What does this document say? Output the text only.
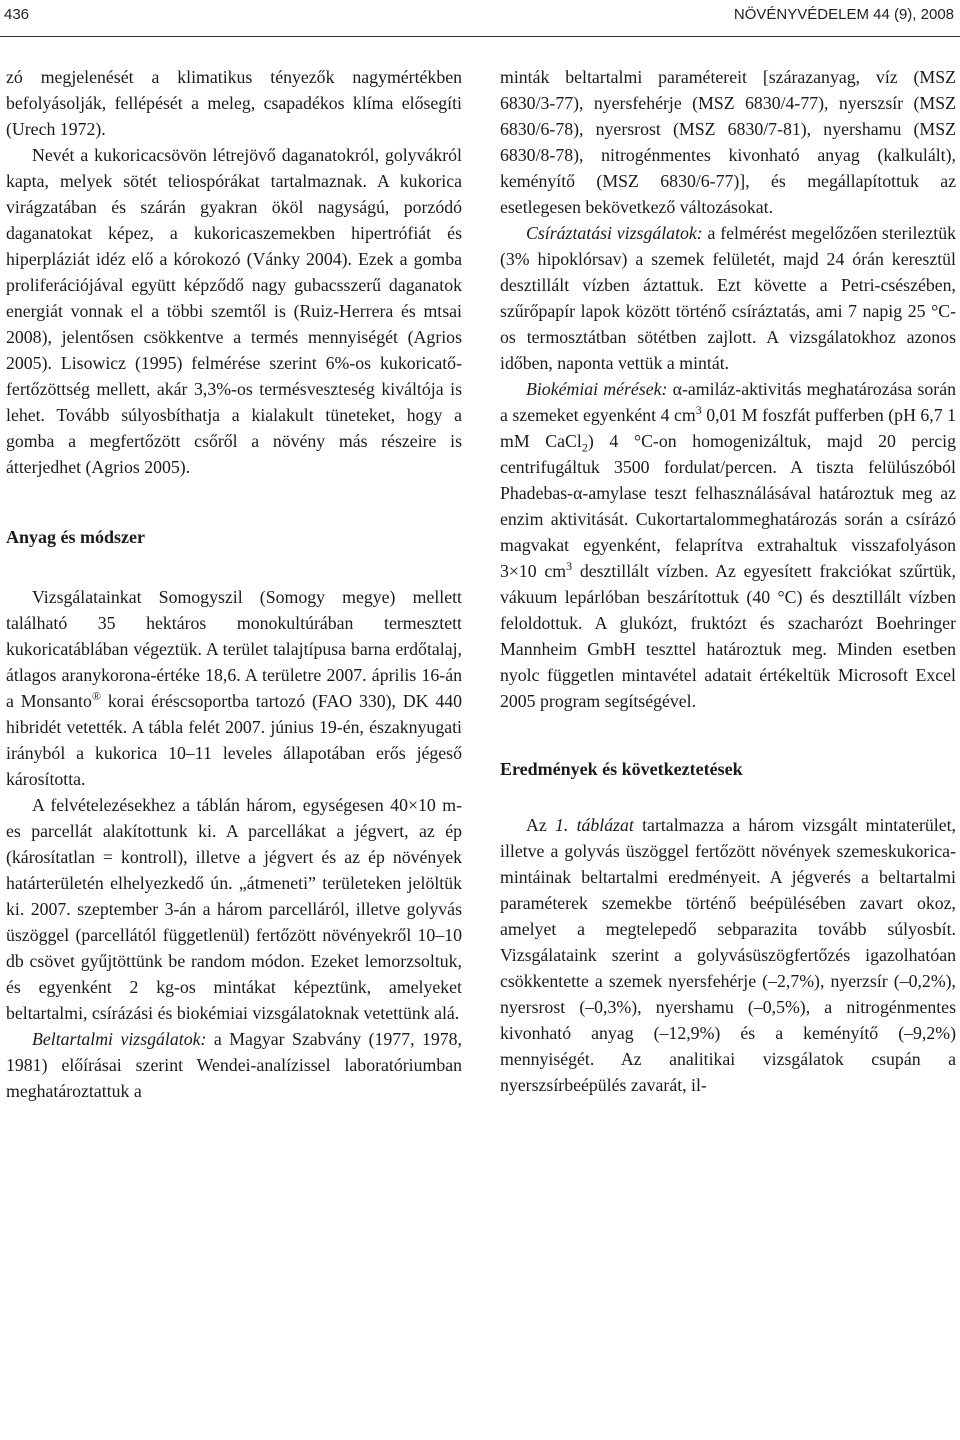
436	NÖVÉNYVÉDELEM 44 (9), 2008

zó megjelenését a klimatikus tényezők nagymértékben befolyásolják, fellépését a meleg, csapadékos klíma elősegíti (Urech 1972).

Nevét a kukoricacsövön létrejövő daganatokról, golyvákról kapta, melyek sötét teliospórákat tartalmaznak. A kukorica virágzatában és szárán gyakran ököl nagyságú, porzódó daganatokat képez, a kukoricaszemekben hipertrófiát és hiperpláziát idéz elő a kórokozó (Vánky 2004). Ezek a gomba proliferációjával együtt képződő nagy gubacsszerű daganatok energiát vonnak el a többi szemtől is (Ruiz-Herrera és mtsai 2008), jelentősen csökkentve a termés mennyiségét (Agrios 2005). Lisowicz (1995) felmérése szerint 6%-os kukoricatő-fertőzöttség mellett, akár 3,3%-os termésveszteség kiváltója is lehet. Tovább súlyosbíthatja a kialakult tüneteket, hogy a gomba a megfertőzött csőről a növény más részeire is átterjedhet (Agrios 2005).

Anyag és módszer

Vizsgálatainkat Somogyszil (Somogy megye) mellett található 35 hektáros monokultúrában termesztett kukoricatáblában végeztük. A terület talajtípusa barna erdőtalaj, átlagos aranykorona-értéke 18,6. A területre 2007. április 16-án a Monsanto® korai éréscsoportba tartozó (FAO 330), DK 440 hibridét vetették. A tábla felét 2007. június 19-én, északnyugati irányból a kukorica 10–11 leveles állapotában erős jégeső károsította.

A felvételezésekhez a táblán három, egységesen 40×10 m-es parcellát alakítottunk ki. A parcellákat a jégvert, az ép (károsítatlan = kontroll), illetve a jégvert és az ép növények határterületén elhelyezkedő ún. „átmeneti” területeken jelöltük ki. 2007. szeptember 3-án a három parcelláról, illetve golyvás üszöggel (parcellától függetlenül) fertőzött növényekről 10–10 db csövet gyűjtöttünk be random módon. Ezeket lemorzsoltuk, és egyenként 2 kg-os mintákat képeztünk, amelyeket beltartalmi, csírázási és biokémiai vizsgálatoknak vetettünk alá.

Beltartalmi vizsgálatok: a Magyar Szabvány (1977, 1978, 1981) előírásai szerint Wendei-analízissel laboratóriumban meghatároztattuk a

minták beltartalmi paramétereit [szárazanyag, víz (MSZ 6830/3-77), nyersfehérje (MSZ 6830/4-77), nyerszsír (MSZ 6830/6-78), nyersrost (MSZ 6830/7-81), nyershamu (MSZ 6830/8-78), nitrogénmentes kivonható anyag (kalkulált), keményítő (MSZ 6830/6-77)], és megállapítottuk az esetlegesen bekövetkező változásokat.

Csíráztatási vizsgálatok: a felmérést megelőzően sterileztük (3% hipoklórsav) a szemek felületét, majd 24 órán keresztül desztillált vízben áztattuk. Ezt követte a Petri-csészében, szűrőpapír lapok között történő csíráztatás, ami 7 napig 25 °C-os termosztátban sötétben zajlott. A vizsgálatokhoz azonos időben, naponta vettük a mintát.

Biokémiai mérések: α-amiláz-aktivitás meghatározása során a szemeket egyenként 4 $cm^3$ 0,01 M foszfát pufferben (pH 6,7 1 mM CaCl$_2$) 4 °C-on homogenizáltuk, majd 20 percig centrifugáltuk 3500 fordulat/percen. A tiszta felülúszóból Phadebas-α-amylase teszt felhasználásával határoztuk meg az enzim aktivitását. Cukortartalommeghatározás során a csírázó magvakat egyenként, felaprítva extrahaltuk visszafolyáson 3×10 $cm^3$ desztillált vízben. Az egyesített frakciókat szűrtük, vákuum lepárlóban beszárítottuk (40 °C) és desztillált vízben feloldottuk. A glukózt, fruktózt és szacharózt Boehringer Mannheim GmbH teszttel határoztuk meg. Minden esetben nyolc független mintavétel adatait értékeltük Microsoft Excel 2005 program segítségével.

Eredmények és következtetések

Az 1. táblázat tartalmazza a három vizsgált mintaterület, illetve a golyvás üszöggel fertőzött növények szemeskukorica-mintáinak beltartalmi eredményeit. A jégverés a beltartalmi paraméterek szemekbe történő beépülésében zavart okoz, amelyet a megtelepedő sebparazita tovább súlyosbít. Vizsgálataink szerint a golyvásüszögfertőzés igazolhatóan csökkentette a szemek nyersfehérje (–2,7%), nyerzsír (–0,2%), nyersrost (–0,3%), nyershamu (–0,5%), a nitrogénmentes kivonható anyag (–12,9%) és a keményítő (–9,2%) mennyiségét. Az analitikai vizsgálatok csupán a nyerszsírbeépülés zavarát, il-
